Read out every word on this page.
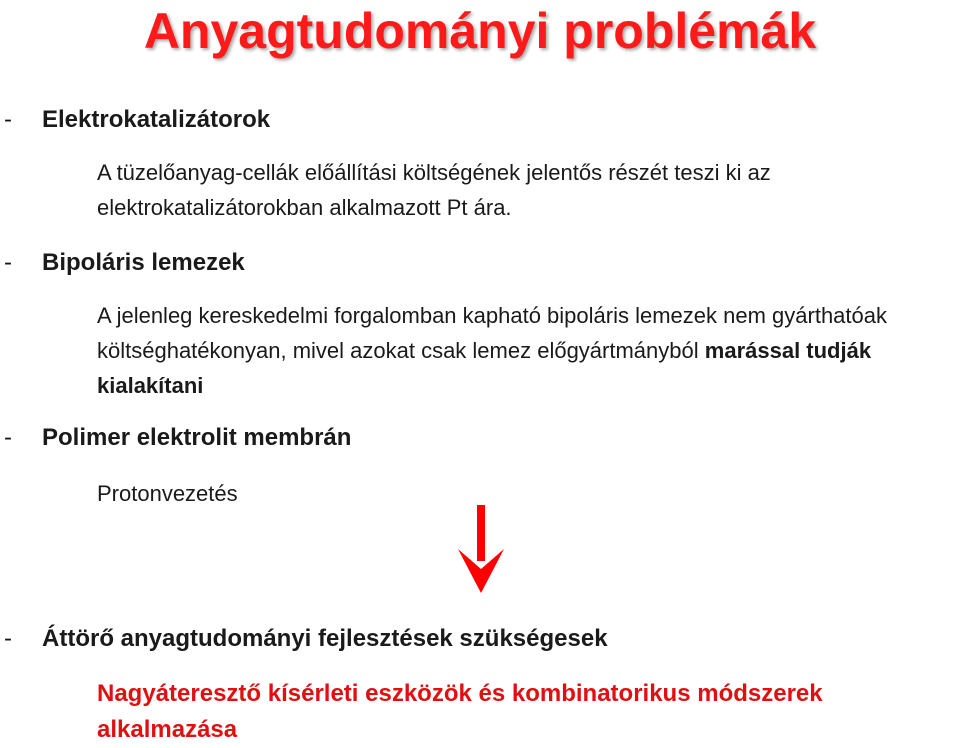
Anyagtudományi problémák
- Elektrokatalizátorok
A tüzelőanyag-cellák előállítási költségének jelentős részét teszi ki az elektrokatalizátorokban alkalmazott Pt ára.
- Bipoláris lemezek
A jelenleg kereskedelmi forgalomban kapható bipoláris lemezek nem gyárthatóak költséghatékonyan, mivel azokat csak lemez előgyártmányból marással tudják kialakítani
- Polimer elektrolit membrán
Protonvezetés
- Áttörő anyagtudományi fejlesztések szükségesek
Nagyáteresztő kísérleti eszközök és kombinatorikus módszerek alkalmazása
